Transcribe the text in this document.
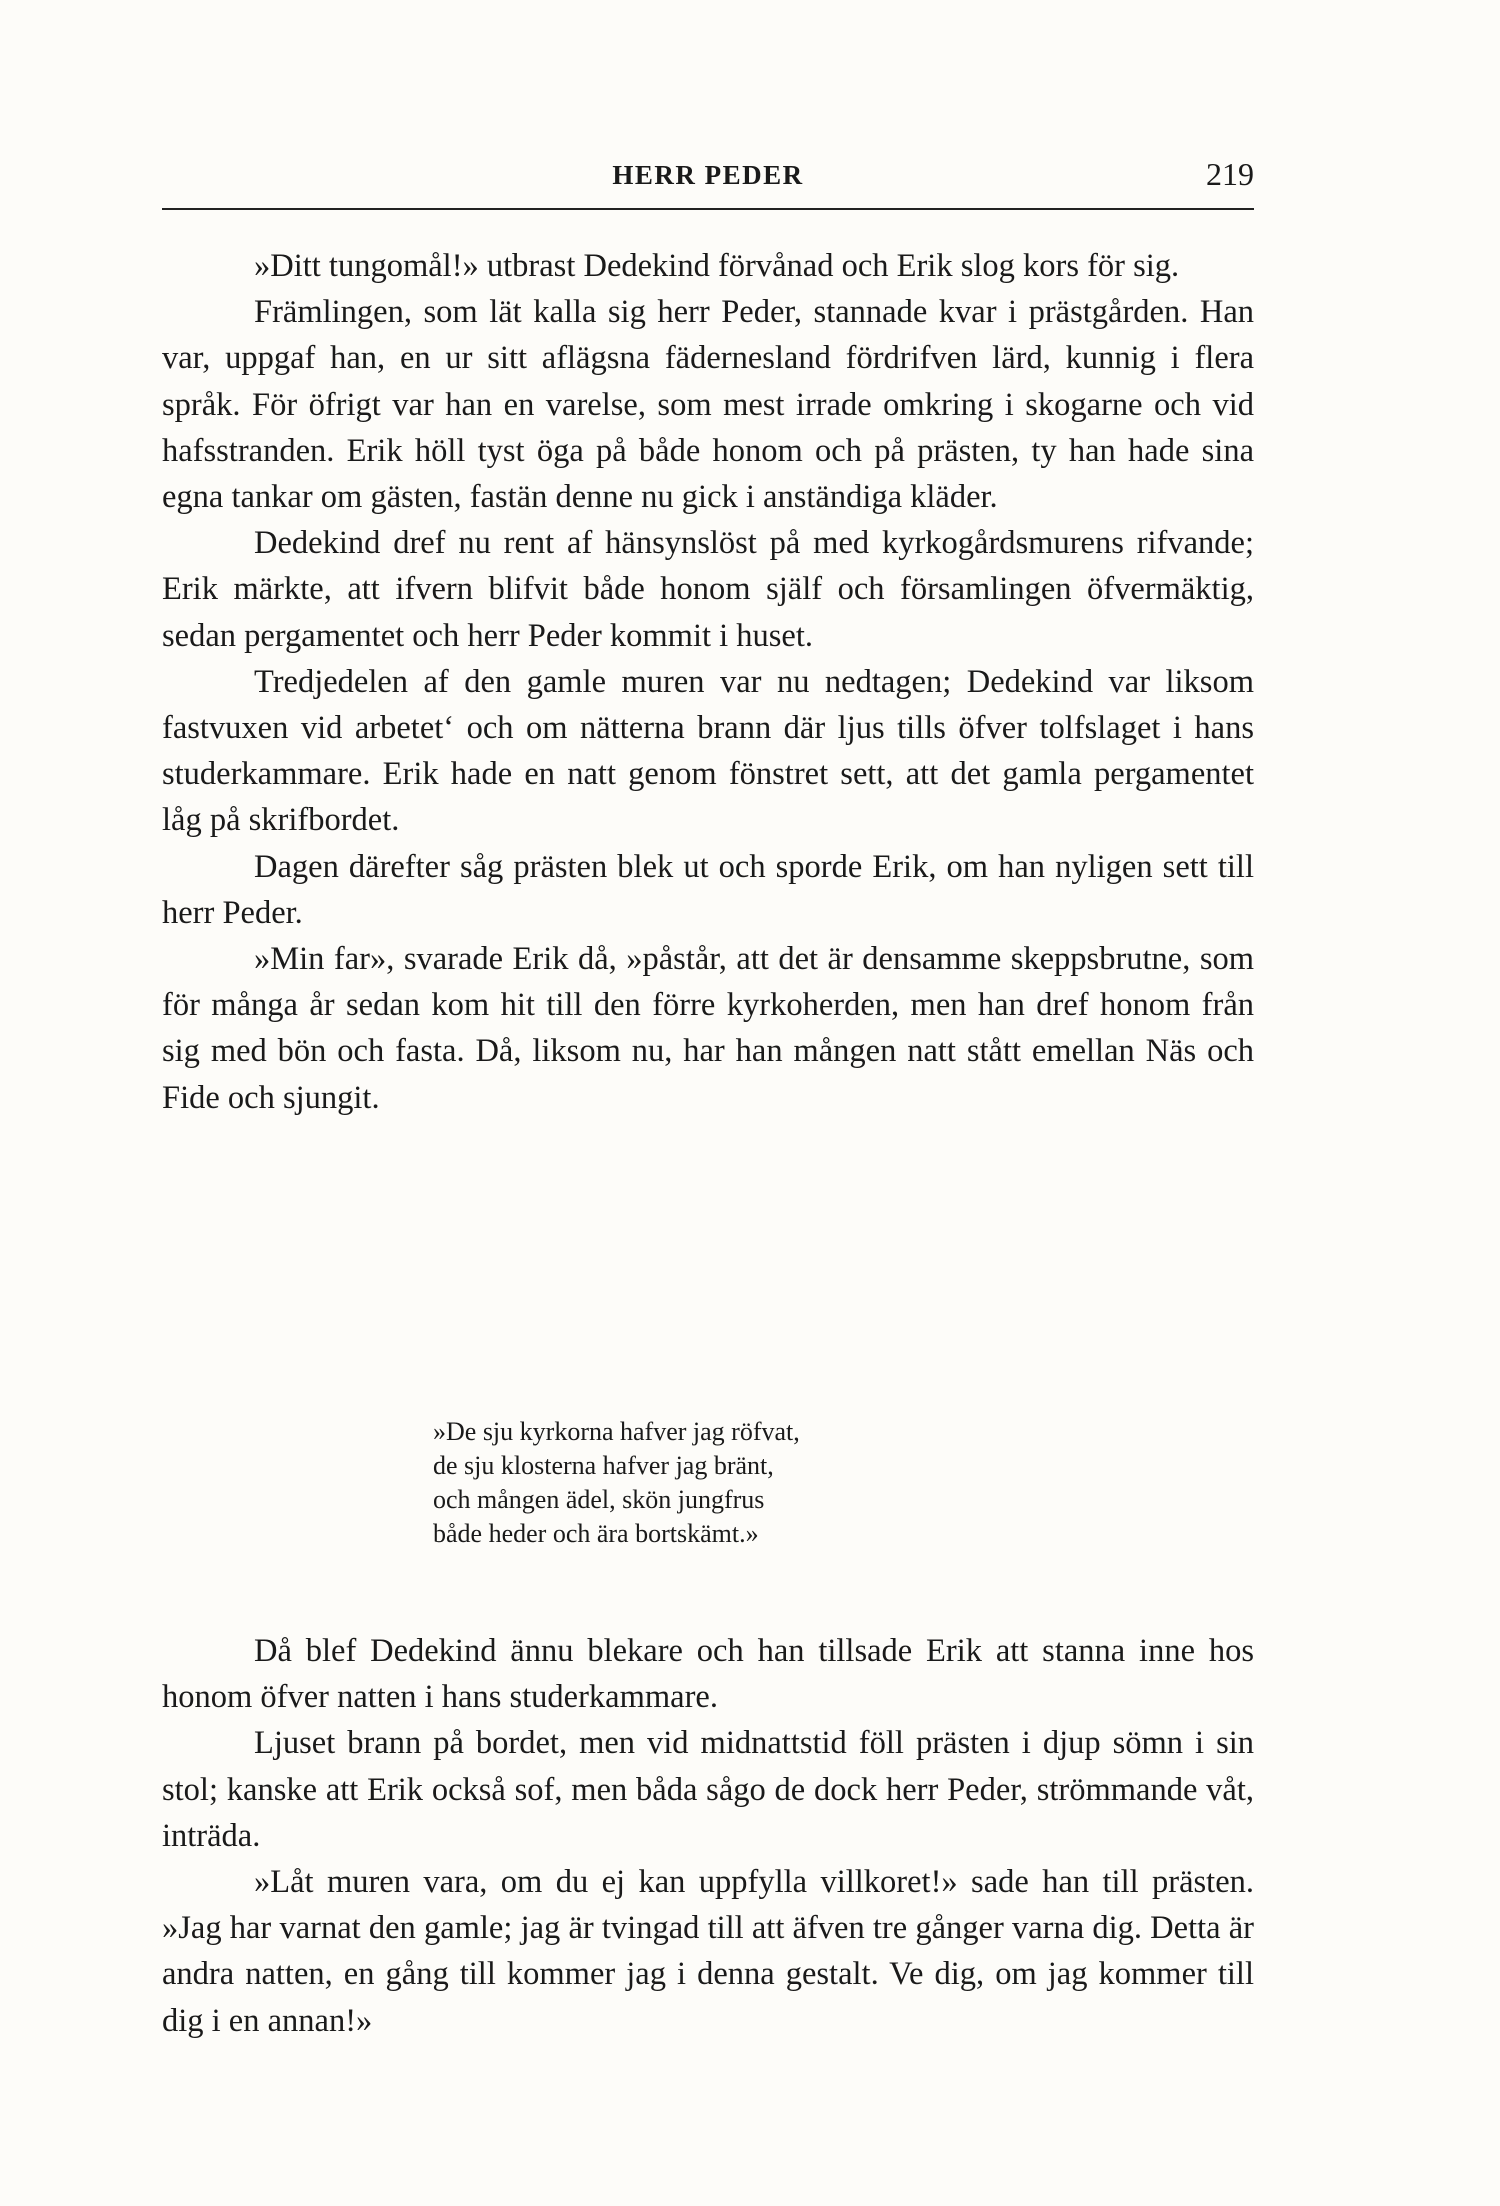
HERR PEDER	219

»Ditt tungomål!» utbrast Dedekind förvånad och Erik slog kors för sig.

Främlingen, som lät kalla sig herr Peder, stannade kvar i prästgården. Han var, uppgaf han, en ur sitt aflägsna fädernesland fördrifven lärd, kunnig i flera språk. För öfrigt var han en varelse, som mest irrade omkring i skogarne och vid hafsstranden. Erik höll tyst öga på både honom och på prästen, ty han hade sina egna tankar om gästen, fastän denne nu gick i anständiga kläder.

Dedekind dref nu rent af hänsynslöst på med kyrkogårdsmurens rifvande; Erik märkte, att ifvern blifvit både honom själf och församlingen öfvermäktig, sedan pergamentet och herr Peder kommit i huset.

Tredjedelen af den gamle muren var nu nedtagen; Dedekind var liksom fastvuxen vid arbetet‘ och om nätterna brann där ljus tills öfver tolfslaget i hans studerkammare. Erik hade en natt genom fönstret sett, att det gamla pergamentet låg på skrifbordet.

Dagen därefter såg prästen blek ut och sporde Erik, om han nyligen sett till herr Peder.

»Min far», svarade Erik då, »påstår, att det är densamme skeppsbrutne, som för många år sedan kom hit till den förre kyrkoherden, men han dref honom från sig med bön och fasta. Då, liksom nu, har han mången natt stått emellan Näs och Fide och sjungit.

»De sju kyrkorna hafver jag röfvat,
de sju klosterna hafver jag bränt,
och mången ädel, skön jungfrus
både heder och ära bortskämt.»

Då blef Dedekind ännu blekare och han tillsade Erik att stanna inne hos honom öfver natten i hans studerkammare.

Ljuset brann på bordet, men vid midnattstid föll prästen i djup sömn i sin stol; kanske att Erik också sof, men båda sågo de dock herr Peder, strömmande våt, inträda.

»Låt muren vara, om du ej kan uppfylla villkoret!» sade han till prästen. »Jag har varnat den gamle; jag är tvingad till att äfven tre gånger varna dig. Detta är andra natten, en gång till kommer jag i denna gestalt. Ve dig, om jag kommer till dig i en annan!»
